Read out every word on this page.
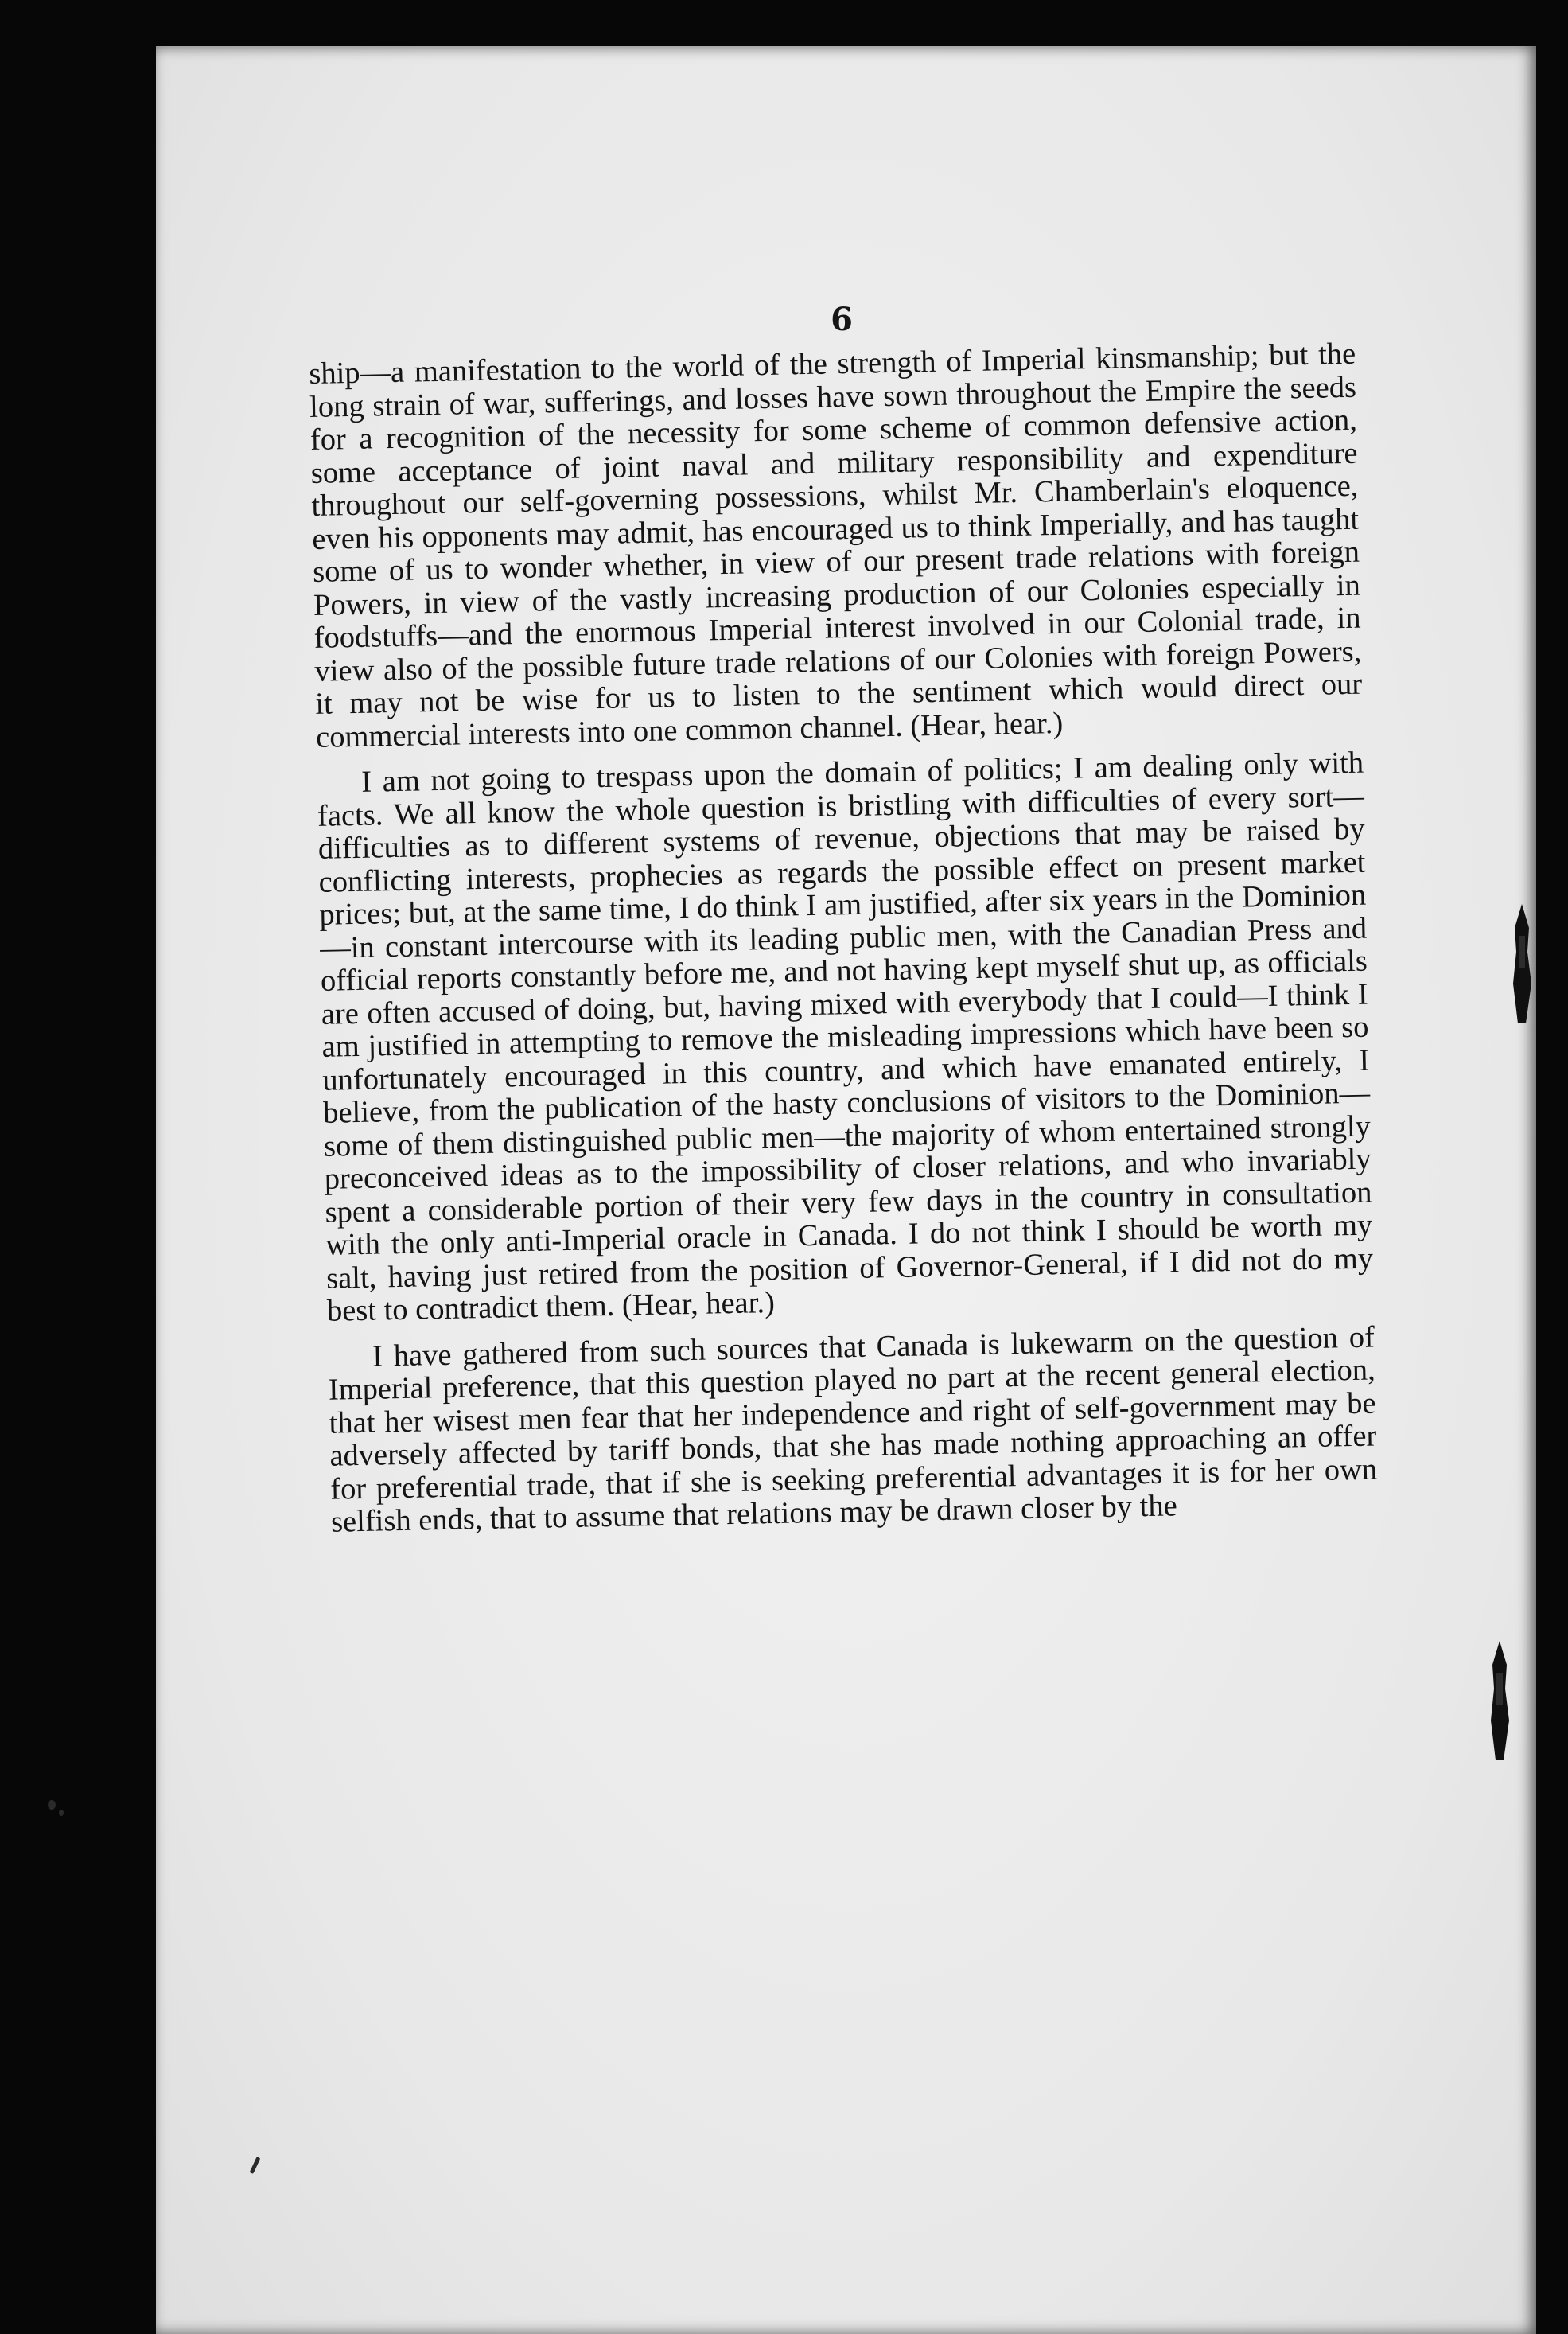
6

ship—a manifestation to the world of the strength of Imperial kinsmanship; but the long strain of war, sufferings, and losses have sown throughout the Empire the seeds for a recognition of the necessity for some scheme of common defensive action, some acceptance of joint naval and military responsibility and expenditure throughout our self-governing possessions, whilst Mr. Chamberlain's eloquence, even his opponents may admit, has encouraged us to think Imperially, and has taught some of us to wonder whether, in view of our present trade relations with foreign Powers, in view of the vastly increasing production of our Colonies especially in foodstuffs—and the enormous Imperial interest involved in our Colonial trade, in view also of the possible future trade relations of our Colonies with foreign Powers, it may not be wise for us to listen to the sentiment which would direct our commercial interests into one common channel. (Hear, hear.)

I am not going to trespass upon the domain of politics; I am dealing only with facts. We all know the whole question is bristling with difficulties of every sort—difficulties as to different systems of revenue, objections that may be raised by conflicting interests, prophecies as regards the possible effect on present market prices; but, at the same time, I do think I am justified, after six years in the Dominion—in constant intercourse with its leading public men, with the Canadian Press and official reports constantly before me, and not having kept myself shut up, as officials are often accused of doing, but, having mixed with everybody that I could—I think I am justified in attempting to remove the misleading impressions which have been so unfortunately encouraged in this country, and which have emanated entirely, I believe, from the publication of the hasty conclusions of visitors to the Dominion—some of them distinguished public men—the majority of whom entertained strongly preconceived ideas as to the impossibility of closer relations, and who invariably spent a considerable portion of their very few days in the country in consultation with the only anti-Imperial oracle in Canada. I do not think I should be worth my salt, having just retired from the position of Governor-General, if I did not do my best to contradict them. (Hear, hear.)

I have gathered from such sources that Canada is lukewarm on the question of Imperial preference, that this question played no part at the recent general election, that her wisest men fear that her independence and right of self-government may be adversely affected by tariff bonds, that she has made nothing approaching an offer for preferential trade, that if she is seeking preferential advantages it is for her own selfish ends, that to assume that relations may be drawn closer by the
